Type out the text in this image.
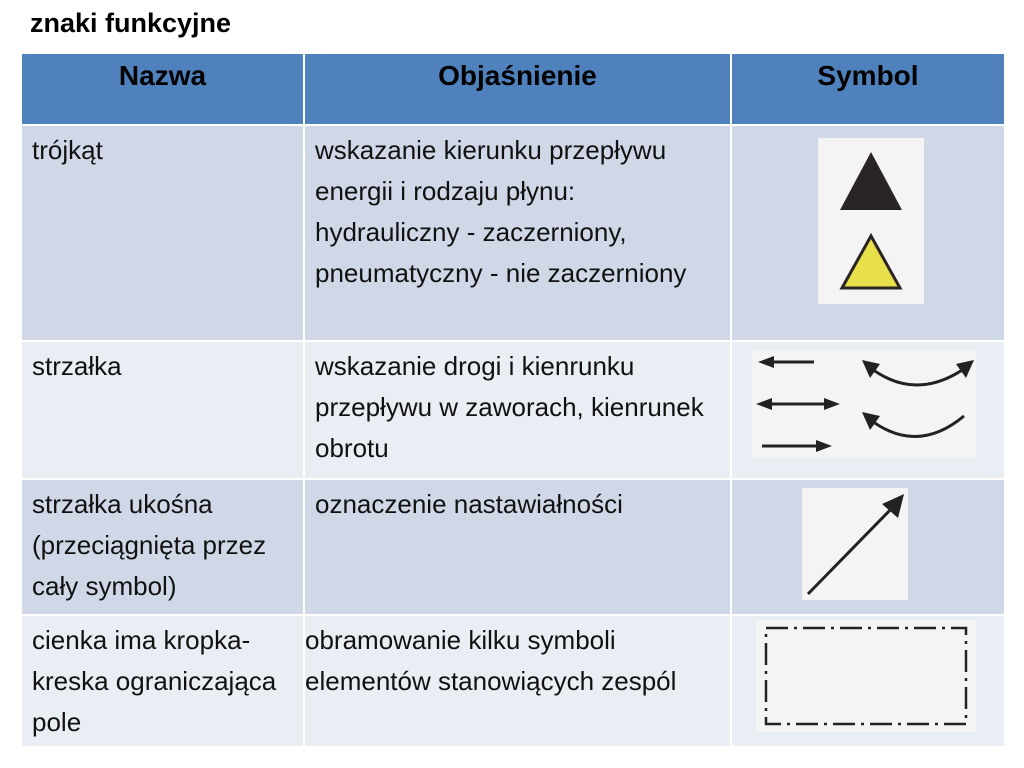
znaki funkcyjne
Nazwa	Objaśnienie	Symbol
trójkąt	wskazanie kierunku przepływu energii i rodzaju płynu: hydrauliczny - zaczerniony, pneumatyczny - nie zaczerniony	

strzałka	wskazanie drogi i kienrunku przepływu w zaworach, kienrunek obrotu	

strzałka ukośna (przeciągnięta przez cały symbol)	oznaczenie nastawiałności	

cienka ima kropka-kreska ograniczająca pole	obramowanie kilku symboli elementów stanowiących zespól	
